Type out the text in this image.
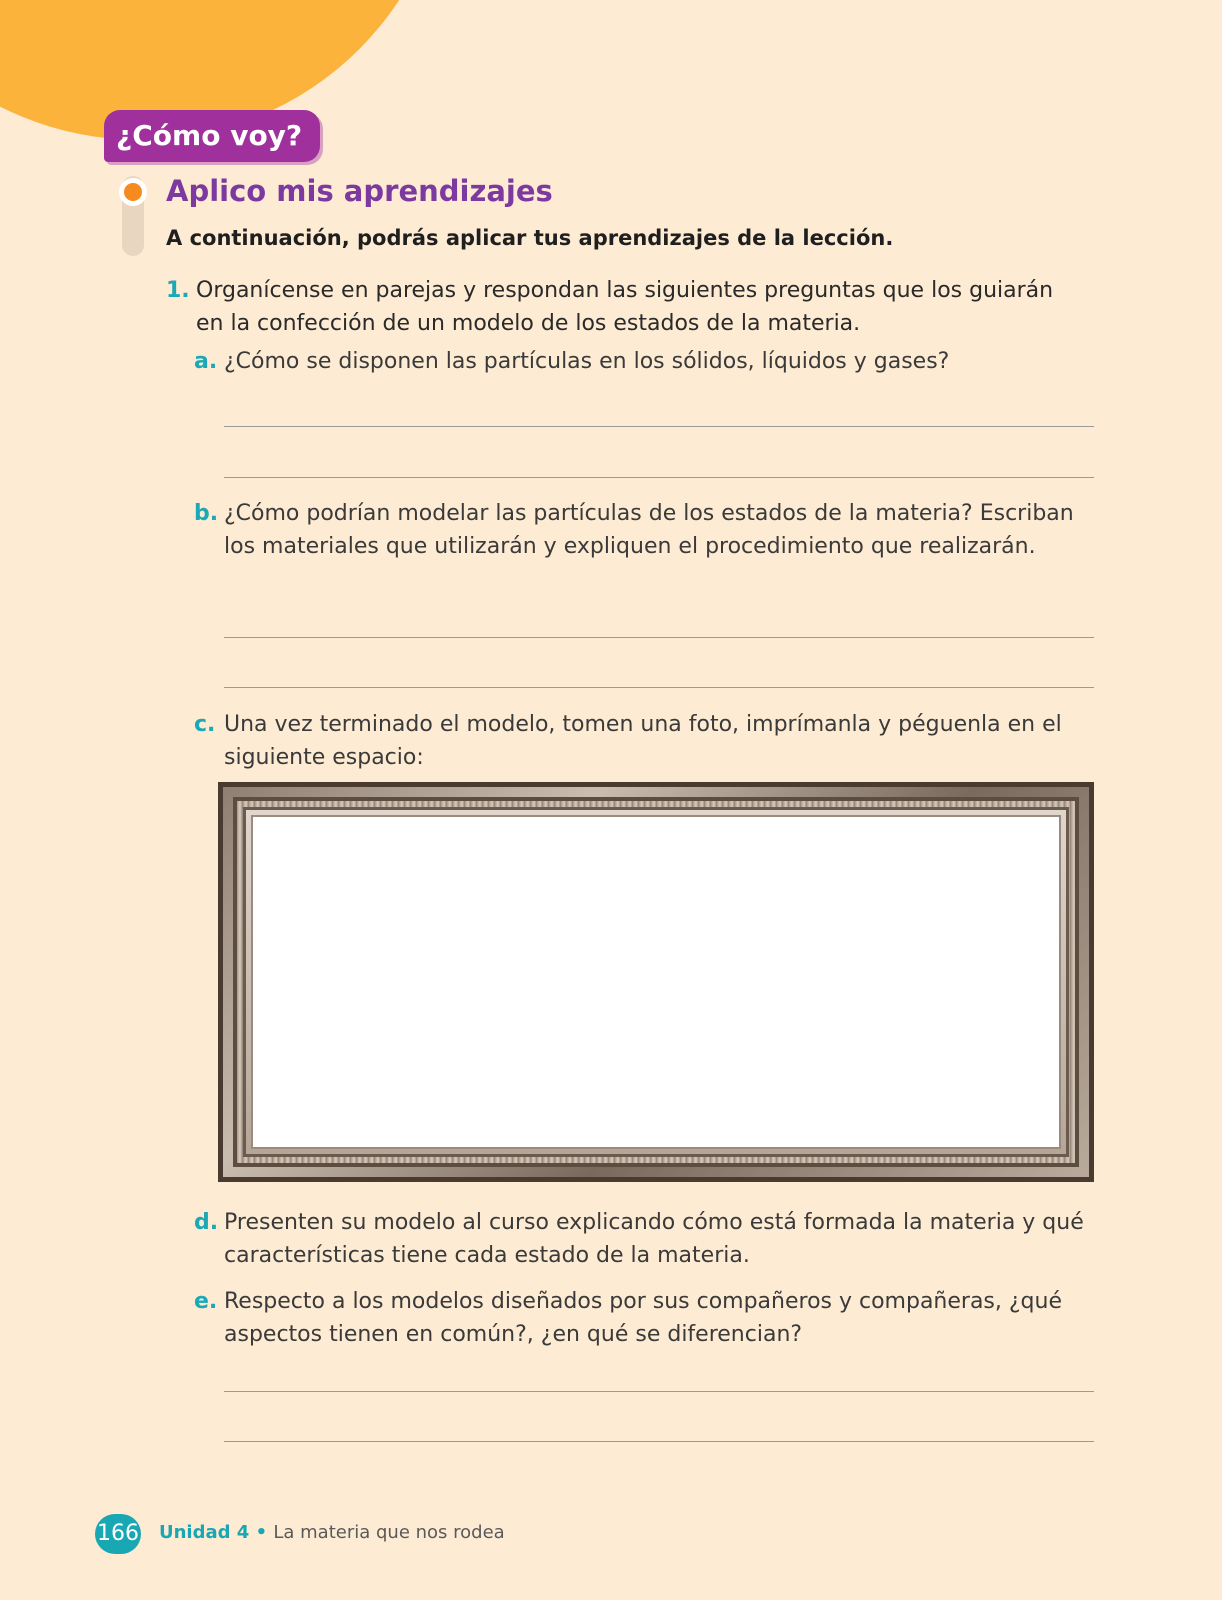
¿Cómo voy?
Aplico mis aprendizajes
A continuación, podrás aplicar tus aprendizajes de la lección.
1. Organícense en parejas y respondan las siguientes preguntas que los guiarán en la confección de un modelo de los estados de la materia.
a. ¿Cómo se disponen las partículas en los sólidos, líquidos y gases?
b. ¿Cómo podrían modelar las partículas de los estados de la materia? Escriban los materiales que utilizarán y expliquen el procedimiento que realizarán.
c. Una vez terminado el modelo, tomen una foto, imprímanla y péguenla en el siguiente espacio:
d. Presenten su modelo al curso explicando cómo está formada la materia y qué características tiene cada estado de la materia.
e. Respecto a los modelos diseñados por sus compañeros y compañeras, ¿qué aspectos tienen en común?, ¿en qué se diferencian?
166 Unidad 4 • La materia que nos rodea
